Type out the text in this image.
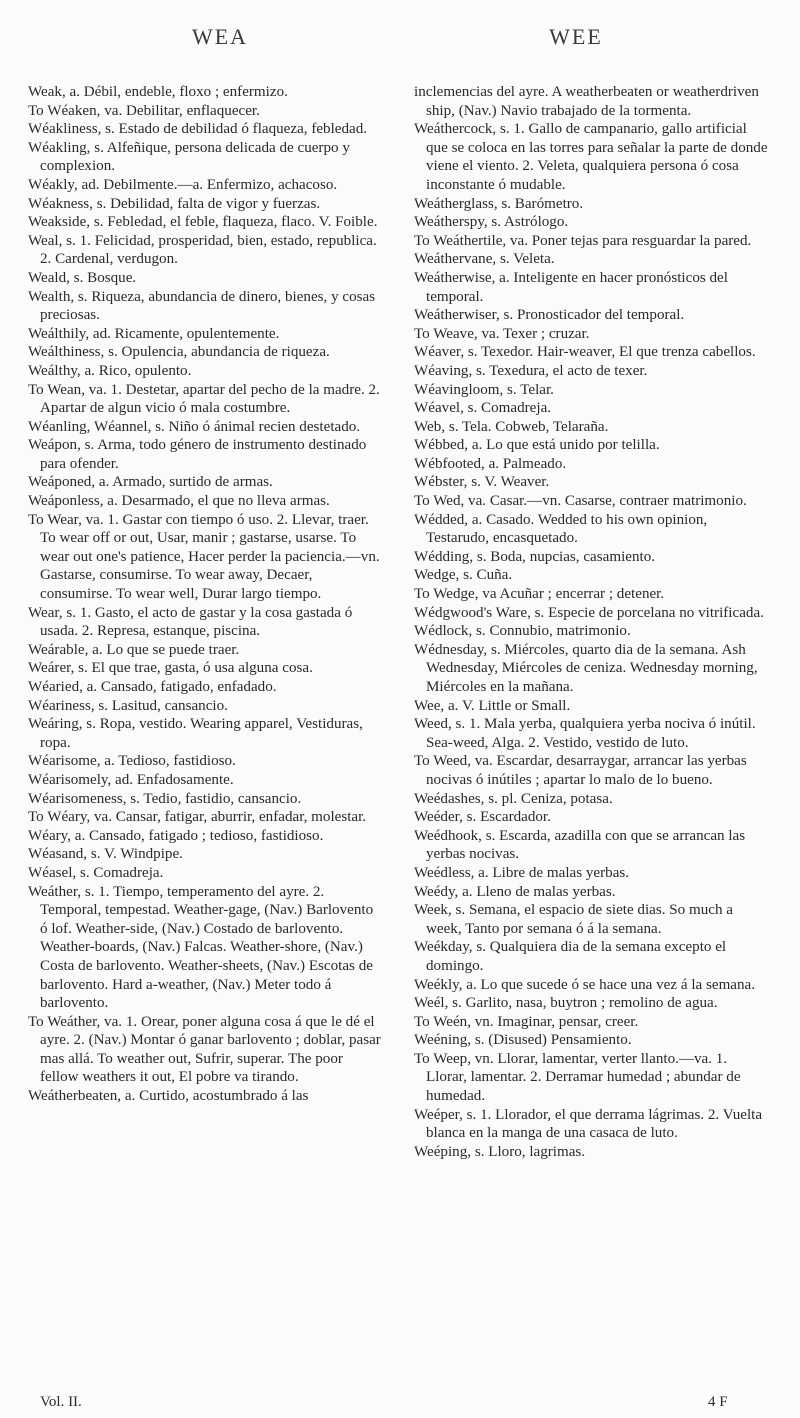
WEA	WEE

Weak, a. Débil, endeble, floxo ; enfermizo.

To Wéaken, va. Debilitar, enflaquecer.

Wéakliness, s. Estado de debilidad ó flaqueza, febledad.

Wéakling, s. Alfeñique, persona delicada de cuerpo y complexion.

Wéakly, ad. Debilmente.—a. Enfermizo, achacoso.

Wéakness, s. Debilidad, falta de vigor y fuerzas.

Weakside, s. Febledad, el feble, flaqueza, flaco. V. Foible.

Weal, s. 1. Felicidad, prosperidad, bien, estado, republica. 2. Cardenal, verdugon.

Weald, s. Bosque.

Wealth, s. Riqueza, abundancia de dinero, bienes, y cosas preciosas.

Weálthily, ad. Ricamente, opulentemente.

Weálthiness, s. Opulencia, abundancia de riqueza.

Weálthy, a. Rico, opulento.

To Wean, va. 1. Destetar, apartar del pecho de la madre. 2. Apartar de algun vicio ó mala costumbre.

Wéanling, Wéannel, s. Niño ó ánimal recien destetado.

Weápon, s. Arma, todo género de instrumento destinado para ofender.

Weáponed, a. Armado, surtido de armas.

Weáponless, a. Desarmado, el que no lleva armas.

To Wear, va. 1. Gastar con tiempo ó uso. 2. Llevar, traer. To wear off or out, Usar, manir ; gastarse, usarse. To wear out one's patience, Hacer perder la paciencia.—vn. Gastarse, consumirse. To wear away, Decaer, consumirse. To wear well, Durar largo tiempo.

Wear, s. 1. Gasto, el acto de gastar y la cosa gastada ó usada. 2. Represa, estanque, piscina.

Weárable, a. Lo que se puede traer.

Weárer, s. El que trae, gasta, ó usa alguna cosa.

Wéaried, a. Cansado, fatigado, enfadado.

Wéariness, s. Lasitud, cansancio.

Weáring, s. Ropa, vestido. Wearing apparel, Vestiduras, ropa.

Wéarisome, a. Tedioso, fastidioso.

Wéarisomely, ad. Enfadosamente.

Wéarisomeness, s. Tedio, fastidio, cansancio.

To Wéary, va. Cansar, fatigar, aburrir, enfadar, molestar.

Wéary, a. Cansado, fatigado ; tedioso, fastidioso.

Wéasand, s. V. Windpipe.

Wéasel, s. Comadreja.

Weáther, s. 1. Tiempo, temperamento del ayre. 2. Temporal, tempestad. Weather-gage, (Nav.) Barlovento ó lof. Weather-side, (Nav.) Costado de barlovento. Weather-boards, (Nav.) Falcas. Weather-shore, (Nav.) Costa de barlovento. Weather-sheets, (Nav.) Escotas de barlovento. Hard a-weather, (Nav.) Meter todo á barlovento.

To Weáther, va. 1. Orear, poner alguna cosa á que le dé el ayre. 2. (Nav.) Montar ó ganar barlovento ; doblar, pasar mas allá. To weather out, Sufrir, superar. The poor fellow weathers it out, El pobre va tirando.

Weátherbeaten, a. Curtido, acostumbrado á las

inclemencias del ayre. A weatherbeaten or weatherdriven ship, (Nav.) Navio trabajado de la tormenta.

Weáthercock, s. 1. Gallo de campanario, gallo artificial que se coloca en las torres para señalar la parte de donde viene el viento. 2. Veleta, qualquiera persona ó cosa inconstante ó mudable.

Weátherglass, s. Barómetro.

Weátherspy, s. Astrólogo.

To Weáthertile, va. Poner tejas para resguardar la pared.

Weáthervane, s. Veleta.

Weátherwise, a. Inteligente en hacer pronósticos del temporal.

Weátherwiser, s. Pronosticador del temporal.

To Weave, va. Texer ; cruzar.

Wéaver, s. Texedor. Hair-weaver, El que trenza cabellos.

Wéaving, s. Texedura, el acto de texer.

Wéavingloom, s. Telar.

Wéavel, s. Comadreja.

Web, s. Tela. Cobweb, Telaraña.

Wébbed, a. Lo que está unido por telilla.

Wébfooted, a. Palmeado.

Wébster, s. V. Weaver.

To Wed, va. Casar.—vn. Casarse, contraer matrimonio.

Wédded, a. Casado. Wedded to his own opinion, Testarudo, encasquetado.

Wédding, s. Boda, nupcias, casamiento.

Wedge, s. Cuña.

To Wedge, va Acuñar ; encerrar ; detener.

Wédgwood's Ware, s. Especie de porcelana no vitrificada.

Wédlock, s. Connubio, matrimonio.

Wédnesday, s. Miércoles, quarto dia de la semana. Ash Wednesday, Miércoles de ceniza. Wednesday morning, Miércoles en la mañana.

Wee, a. V. Little or Small.

Weed, s. 1. Mala yerba, qualquiera yerba nociva ó inútil. Sea-weed, Alga. 2. Vestido, vestido de luto.

To Weed, va. Escardar, desarraygar, arrancar las yerbas nocivas ó inútiles ; apartar lo malo de lo bueno.

Weédashes, s. pl. Ceniza, potasa.

Weéder, s. Escardador.

Weédhook, s. Escarda, azadilla con que se arrancan las yerbas nocivas.

Weédless, a. Libre de malas yerbas.

Weédy, a. Lleno de malas yerbas.

Week, s. Semana, el espacio de siete dias. So much a week, Tanto por semana ó á la semana.

Weékday, s. Qualquiera dia de la semana excepto el domingo.

Weékly, a. Lo que sucede ó se hace una vez á la semana.

Weél, s. Garlito, nasa, buytron ; remolino de agua.

To Weén, vn. Imaginar, pensar, creer.

Weéning, s. (Disused) Pensamiento.

To Weep, vn. Llorar, lamentar, verter llanto.—va. 1. Llorar, lamentar. 2. Derramar humedad ; abundar de humedad.

Weéper, s. 1. Llorador, el que derrama lágrimas. 2. Vuelta blanca en la manga de una casaca de luto.

Weéping, s. Lloro, lagrimas.

Vol. II.	4 F
